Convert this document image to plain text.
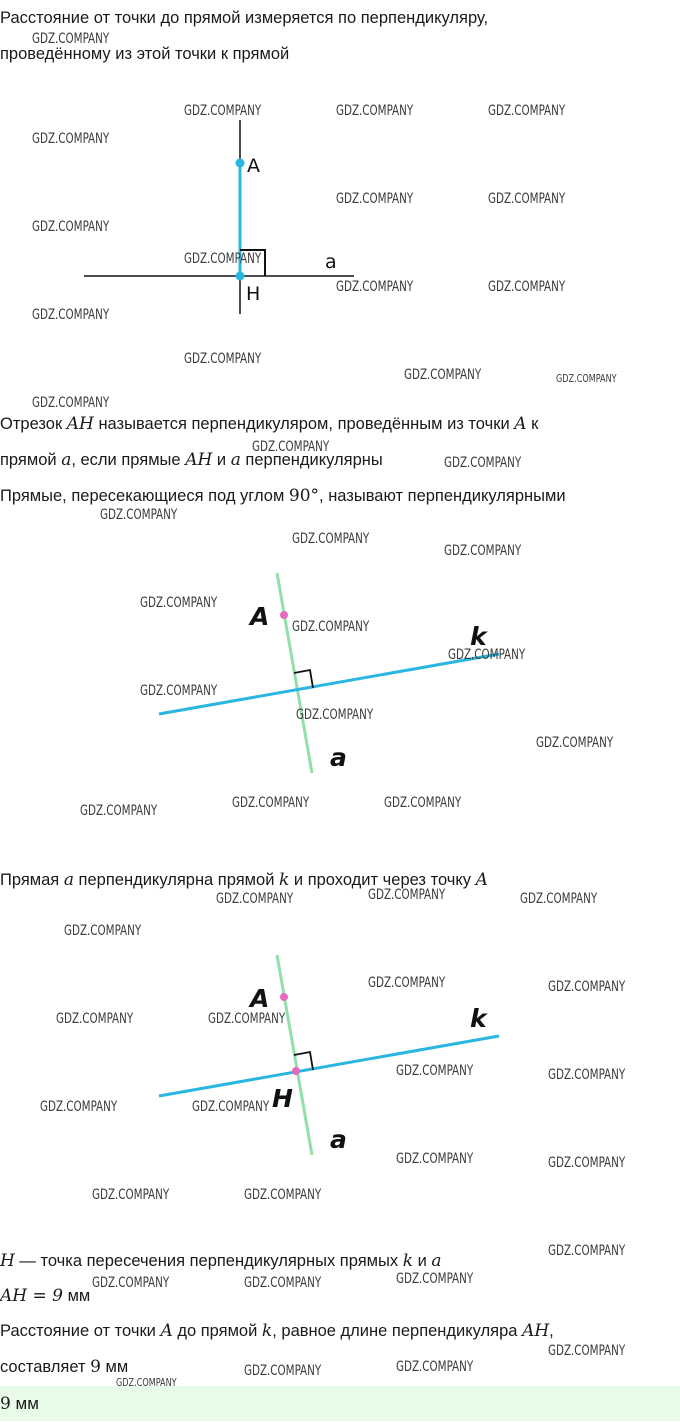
Расстояние от точки до прямой измеряется по перпендикуляру,
проведённому из этой точки к прямой
A
H
a
Отрезок AH называется перпендикуляром, проведённым из точки A к
прямой a, если прямые AH и a перпендикулярны
Прямые, пересекающиеся под углом 90°, называют перпендикулярными
A
k
a
Прямая a перпендикулярна прямой k и проходит через точку A
A
H
k
a
H — точка пересечения перпендикулярных прямых k и a
AH = 9 мм
Расстояние от точки A до прямой k, равное длине перпендикуляра AH,
составляет 9 мм
9 мм
GDZ.COMPANY
GDZ.COMPANY	GDZ.COMPANY	GDZ.COMPANY
GDZ.COMPANY
GDZ.COMPANY	GDZ.COMPANY
GDZ.COMPANY
GDZ.COMPANY
GDZ.COMPANY	GDZ.COMPANY
GDZ.COMPANY
GDZ.COMPANY
GDZ.COMPANY	GDZ.COMPANY
GDZ.COMPANY
GDZ.COMPANY
GDZ.COMPANY
GDZ.COMPANY
GDZ.COMPANY
GDZ.COMPANY
GDZ.COMPANY
GDZ.COMPANY
GDZ.COMPANY
GDZ.COMPANY
GDZ.COMPANY
GDZ.COMPANY
GDZ.COMPANY	GDZ.COMPANY
GDZ.COMPANY
GDZ.COMPANY
GDZ.COMPANY	GDZ.COMPANY
GDZ.COMPANY
GDZ.COMPANY	GDZ.COMPANY
GDZ.COMPANY	GDZ.COMPANY
GDZ.COMPANY	GDZ.COMPANY
GDZ.COMPANY	GDZ.COMPANY
GDZ.COMPANY	GDZ.COMPANY
GDZ.COMPANY	GDZ.COMPANY
GDZ.COMPANY
GDZ.COMPANY	GDZ.COMPANY	GDZ.COMPANY
GDZ.COMPANY
GDZ.COMPANY	GDZ.COMPANY
GDZ.COMPANY
